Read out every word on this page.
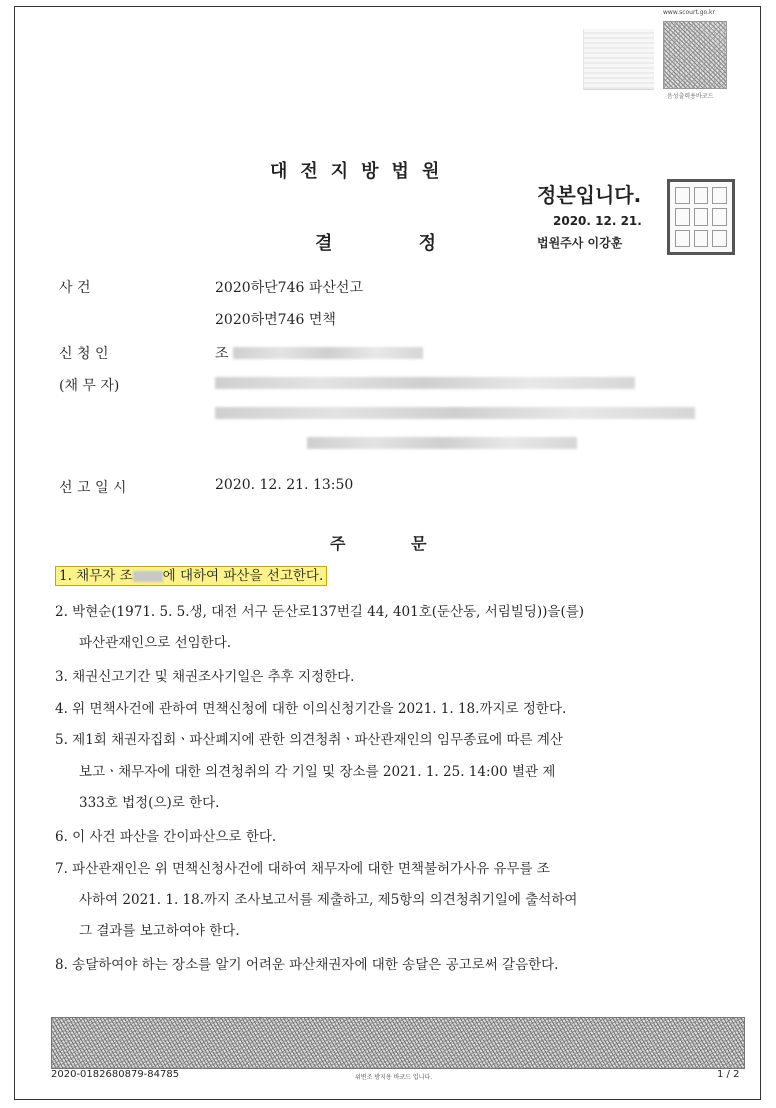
www.scourt.go.kr
음성출력용바코드
대전지방법원
결 정
정본입니다.
2020. 12. 21.
법원주사 이강훈
사 건	2020하단746 파산선고
2020하면746 면책
신 청 인	조
(채 무 자)
선 고 일 시	2020. 12. 21. 13:50
주 문
1. 채무자 조 에 대하여 파산을 선고한다.
2. 박현순(1971. 5. 5.생, 대전 서구 둔산로137번길 44, 401호(둔산동, 서림빌딩))을(를)
파산관재인으로 선임한다.
3. 채권신고기간 및 채권조사기일은 추후 지정한다.
4. 위 면책사건에 관하여 면책신청에 대한 이의신청기간을 2021. 1. 18.까지로 정한다.
5. 제1회 채권자집회ㆍ파산폐지에 관한 의견청취ㆍ파산관재인의 임무종료에 따른 계산
보고ㆍ채무자에 대한 의견청취의 각 기일 및 장소를 2021. 1. 25. 14:00 별관 제
333호 법정(으)로 한다.
6. 이 사건 파산을 간이파산으로 한다.
7. 파산관재인은 위 면책신청사건에 대하여 채무자에 대한 면책불허가사유 유무를 조
사하여 2021. 1. 18.까지 조사보고서를 제출하고, 제5항의 의견청취기일에 출석하여
그 결과를 보고하여야 한다.
8. 송달하여야 하는 장소를 알기 어려운 파산채권자에 대한 송달은 공고로써 갈음한다.
2020-0182680879-84785	위변조 방지용 바코드 입니다.	1 / 2
